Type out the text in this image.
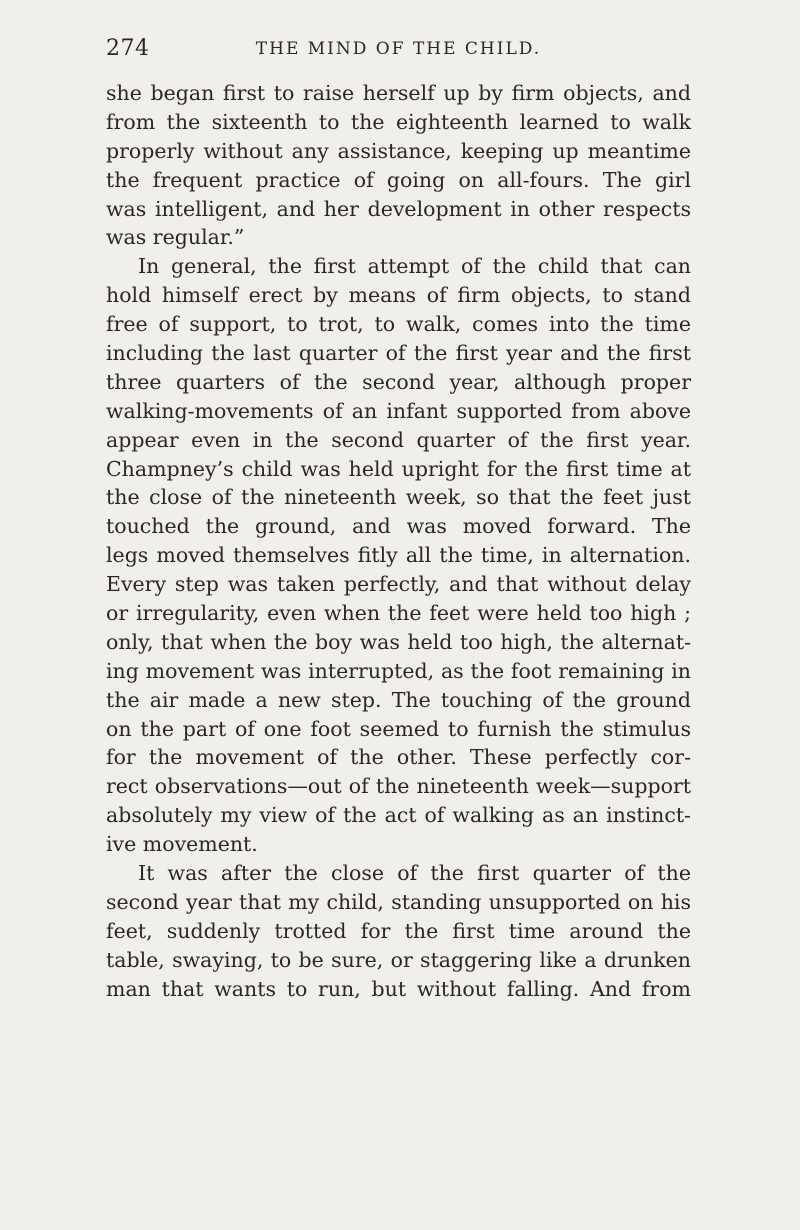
274	THE MIND OF THE CHILD.
she began first to raise herself up by firm objects, and
from the sixteenth to the eighteenth learned to walk
properly without any assistance, keeping up meantime
the frequent practice of going on all-fours. The girl
was intelligent, and her development in other respects
was regular.”
In general, the first attempt of the child that can
hold himself erect by means of firm objects, to stand
free of support, to trot, to walk, comes into the time
including the last quarter of the first year and the first
three quarters of the second year, although proper
walking-movements of an infant supported from above
appear even in the second quarter of the first year.
Champney’s child was held upright for the first time at
the close of the nineteenth week, so that the feet just
touched the ground, and was moved forward. The
legs moved themselves fitly all the time, in alternation.
Every step was taken perfectly, and that without delay
or irregularity, even when the feet were held too high ;
only, that when the boy was held too high, the alternat-
ing movement was interrupted, as the foot remaining in
the air made a new step. The touching of the ground
on the part of one foot seemed to furnish the stimulus
for the movement of the other. These perfectly cor-
rect observations—out of the nineteenth week—support
absolutely my view of the act of walking as an instinct-
ive movement.
It was after the close of the first quarter of the
second year that my child, standing unsupported on his
feet, suddenly trotted for the first time around the
table, swaying, to be sure, or staggering like a drunken
man that wants to run, but without falling. And from
